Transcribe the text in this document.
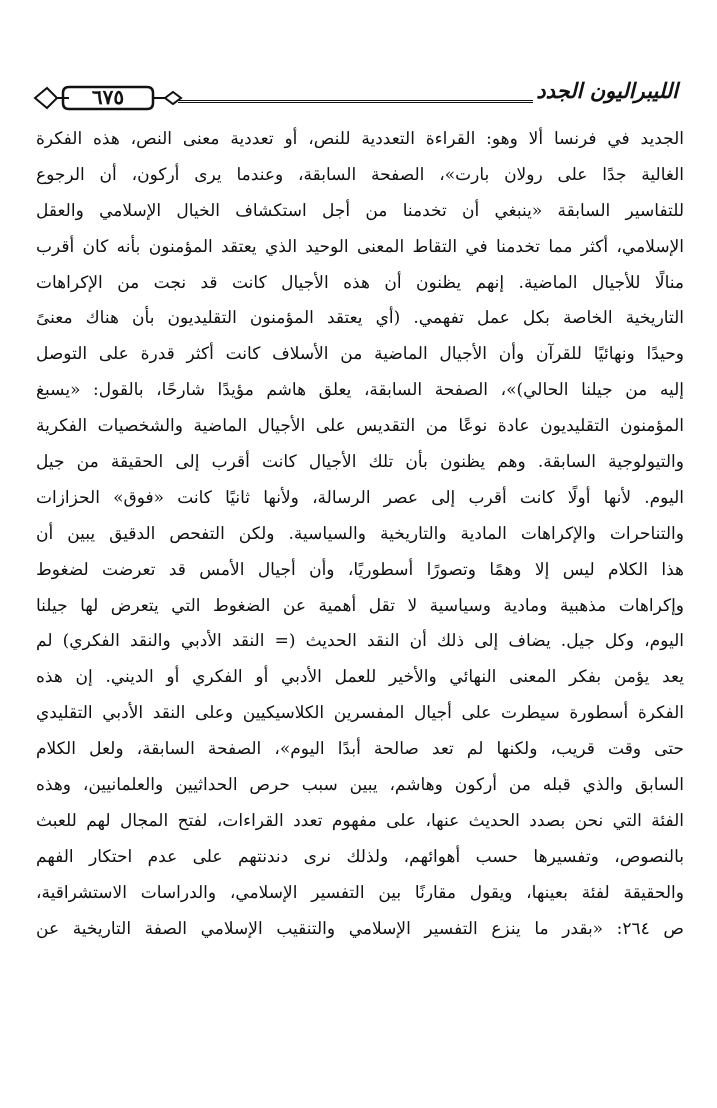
الليبراليون الجدد
٦٧٥
الجديد في فرنسا ألا وهو: القراءة التعددية للنص، أو تعددية معنى النص، هذه الفكرة
الغالية جدًا على رولان بارت»، الصفحة السابقة، وعندما يرى أركون، أن الرجوع
للتفاسير السابقة «ينبغي أن تخدمنا من أجل استكشاف الخيال الإسلامي والعقل
الإسلامي، أكثر مما تخدمنا في التقاط المعنى الوحيد الذي يعتقد المؤمنون بأنه كان أقرب
منالًا للأجيال الماضية. إنهم يظنون أن هذه الأجيال كانت قد نجت من الإكراهات
التاريخية الخاصة بكل عمل تفهمي. (أي يعتقد المؤمنون التقليديون بأن هناك معنىً
وحيدًا ونهائيًا للقرآن وأن الأجيال الماضية من الأسلاف كانت أكثر قدرة على التوصل
إليه من جيلنا الحالي)»، الصفحة السابقة، يعلق هاشم مؤيدًا شارحًا، بالقول: «يسبغ
المؤمنون التقليديون عادة نوعًا من التقديس على الأجيال الماضية والشخصيات الفكرية
والتيولوجية السابقة. وهم يظنون بأن تلك الأجيال كانت أقرب إلى الحقيقة من جيل
اليوم. لأنها أولًا كانت أقرب إلى عصر الرسالة، ولأنها ثانيًا كانت «فوق» الحزازات
والتناحرات والإكراهات المادية والتاريخية والسياسية. ولكن التفحص الدقيق يبين أن
هذا الكلام ليس إلا وهمًا وتصورًا أسطوريًا، وأن أجيال الأمس قد تعرضت لضغوط
وإكراهات مذهبية ومادية وسياسية لا تقل أهمية عن الضغوط التي يتعرض لها جيلنا
اليوم، وكل جيل. يضاف إلى ذلك أن النقد الحديث (= النقد الأدبي والنقد الفكري) لم
يعد يؤمن بفكر المعنى النهائي والأخير للعمل الأدبي أو الفكري أو الديني. إن هذه
الفكرة أسطورة سيطرت على أجيال المفسرين الكلاسيكيين وعلى النقد الأدبي التقليدي
حتى وقت قريب، ولكنها لم تعد صالحة أبدًا اليوم»، الصفحة السابقة، ولعل الكلام
السابق والذي قبله من أركون وهاشم، يبين سبب حرص الحداثيين والعلمانيين، وهذه
الفئة التي نحن بصدد الحديث عنها، على مفهوم تعدد القراءات، لفتح المجال لهم للعبث
بالنصوص، وتفسيرها حسب أهوائهم، ولذلك نرى دندنتهم على عدم احتكار الفهم
والحقيقة لفئة بعينها، ويقول مقارنًا بين التفسير الإسلامي، والدراسات الاستشراقية،
ص ٢٦٤: «بقدر ما ينزع التفسير الإسلامي والتنقيب الإسلامي الصفة التاريخية عن
